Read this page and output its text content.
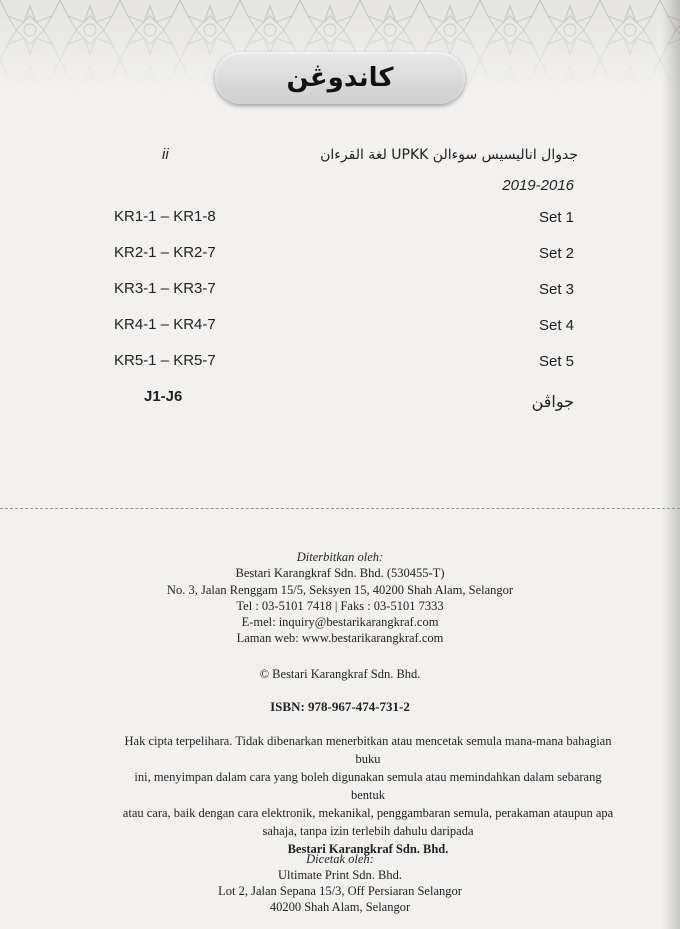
كاندوڠن
ii	جدوال اناليسيس سوءالن UPKK لغة القرءان
2019-2016
KR1-1 – KR1-8	Set 1
KR2-1 – KR2-7	Set 2
KR3-1 – KR3-7	Set 3
KR4-1 – KR4-7	Set 4
KR5-1 – KR5-7	Set 5
J1-J6	جواڤن
Diterbitkan oleh:
Bestari Karangkraf Sdn. Bhd. (530455-T)
No. 3, Jalan Renggam 15/5, Seksyen 15, 40200 Shah Alam, Selangor
Tel : 03-5101 7418 | Faks : 03-5101 7333
E-mel: inquiry@bestarikarangkraf.com
Laman web: www.bestarikarangkraf.com
© Bestari Karangkraf Sdn. Bhd.
ISBN: 978-967-474-731-2
Hak cipta terpelihara. Tidak dibenarkan menerbitkan atau mencetak semula mana-mana bahagian buku
ini, menyimpan dalam cara yang boleh digunakan semula atau memindahkan dalam sebarang bentuk
atau cara, baik dengan cara elektronik, mekanikal, penggambaran semula, perakaman ataupun apa
sahaja, tanpa izin terlebih dahulu daripada
Bestari Karangkraf Sdn. Bhd.
Dicetak oleh:
Ultimate Print Sdn. Bhd.
Lot 2, Jalan Sepana 15/3, Off Persiaran Selangor
40200 Shah Alam, Selangor
